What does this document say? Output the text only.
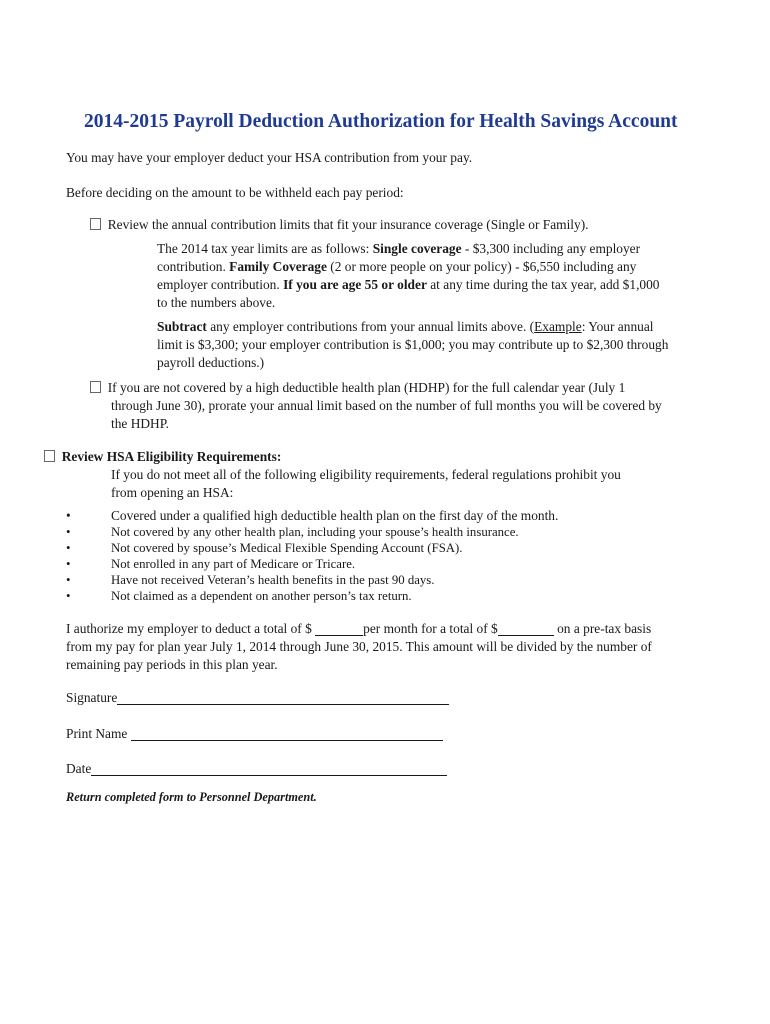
2014-2015 Payroll Deduction Authorization for Health Savings Account
You may have your employer deduct your HSA contribution from your pay.
Before deciding on the amount to be withheld each pay period:
Review the annual contribution limits that fit your insurance coverage (Single or Family).
The 2014 tax year limits are as follows: Single coverage - $3,300 including any employer
contribution. Family Coverage (2 or more people on your policy) - $6,550 including any
employer contribution. If you are age 55 or older at any time during the tax year, add $1,000
to the numbers above.
Subtract any employer contributions from your annual limits above. (Example: Your annual
limit is $3,300; your employer contribution is $1,000; you may contribute up to $2,300 through
payroll deductions.)
If you are not covered by a high deductible health plan (HDHP) for the full calendar year (July 1
through June 30), prorate your annual limit based on the number of full months you will be covered by
the HDHP.
Review HSA Eligibility Requirements:
If you do not meet all of the following eligibility requirements, federal regulations prohibit you
from opening an HSA:
•	Covered under a qualified high deductible health plan on the first day of the month.
•	Not covered by any other health plan, including your spouse’s health insurance.
•	Not covered by spouse’s Medical Flexible Spending Account (FSA).
•	Not enrolled in any part of Medicare or Tricare.
•	Have not received Veteran’s health benefits in the past 90 days.
•	Not claimed as a dependent on another person’s tax return.
I authorize my employer to deduct a total of $	per month for a total of $	on a pre-tax basis
from my pay for plan year July 1, 2014 through June 30, 2015. This amount will be divided by the number of
remaining pay periods in this plan year.
Signature
Print Name
Date
Return completed form to Personnel Department.
